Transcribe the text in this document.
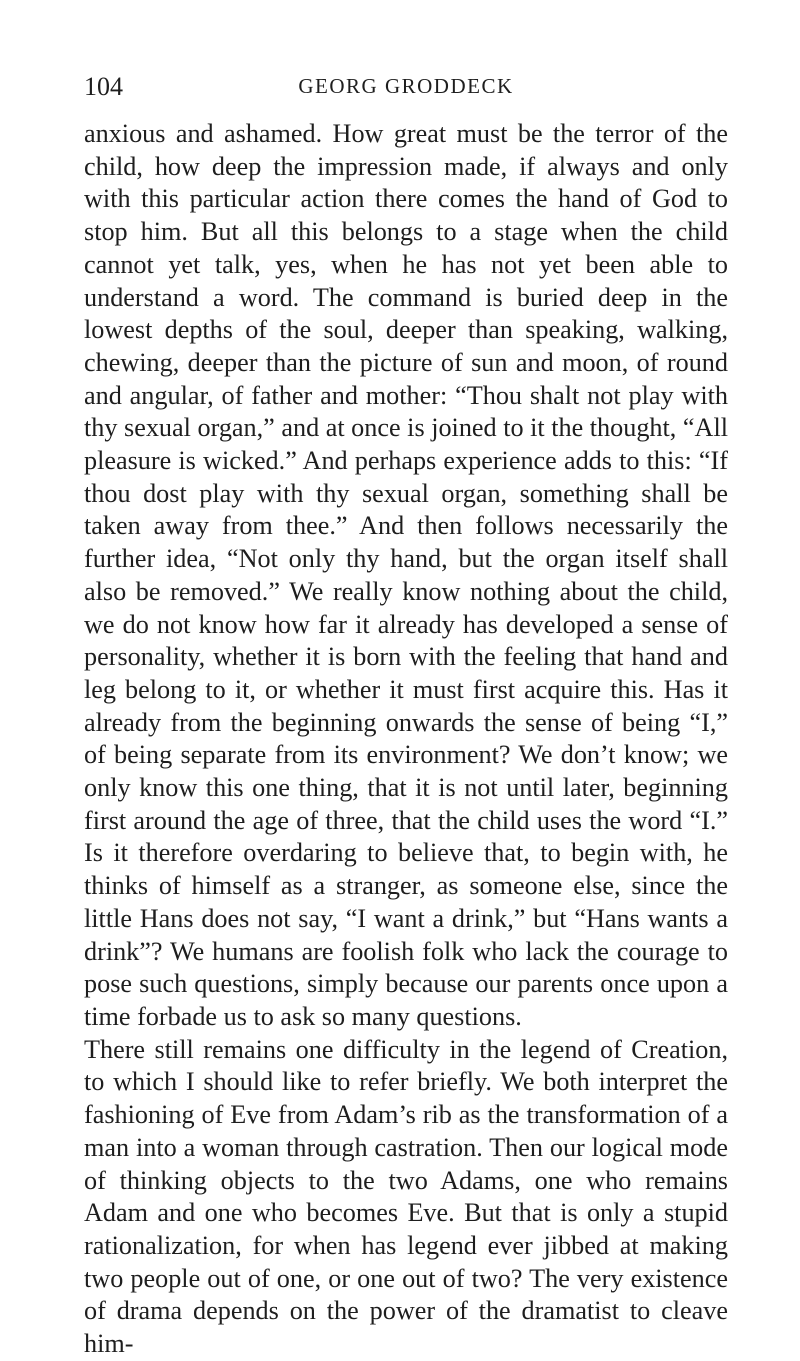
104	GEORG GRODDECK

anxious and ashamed. How great must be the terror of the child, how deep the impression made, if always and only with this particular action there comes the hand of God to stop him. But all this belongs to a stage when the child cannot yet talk, yes, when he has not yet been able to understand a word. The command is buried deep in the lowest depths of the soul, deeper than speaking, walking, chewing, deeper than the picture of sun and moon, of round and angular, of father and mother: “Thou shalt not play with thy sexual organ,” and at once is joined to it the thought, “All pleasure is wicked.” And perhaps experience adds to this: “If thou dost play with thy sexual organ, something shall be taken away from thee.” And then follows necessarily the further idea, “Not only thy hand, but the organ itself shall also be removed.” We really know nothing about the child, we do not know how far it already has developed a sense of personality, whether it is born with the feeling that hand and leg belong to it, or whether it must first acquire this. Has it already from the beginning onwards the sense of being “I,” of being separate from its environment? We don’t know; we only know this one thing, that it is not until later, beginning first around the age of three, that the child uses the word “I.” Is it therefore overdaring to believe that, to begin with, he thinks of himself as a stranger, as someone else, since the little Hans does not say, “I want a drink,” but “Hans wants a drink”? We humans are foolish folk who lack the courage to pose such questions, simply because our parents once upon a time forbade us to ask so many questions.

There still remains one difficulty in the legend of Creation, to which I should like to refer briefly. We both interpret the fashioning of Eve from Adam’s rib as the transformation of a man into a woman through castration. Then our logical mode of thinking objects to the two Adams, one who remains Adam and one who becomes Eve. But that is only a stupid rationalization, for when has legend ever jibbed at making two people out of one, or one out of two? The very existence of drama depends on the power of the dramatist to cleave him-
